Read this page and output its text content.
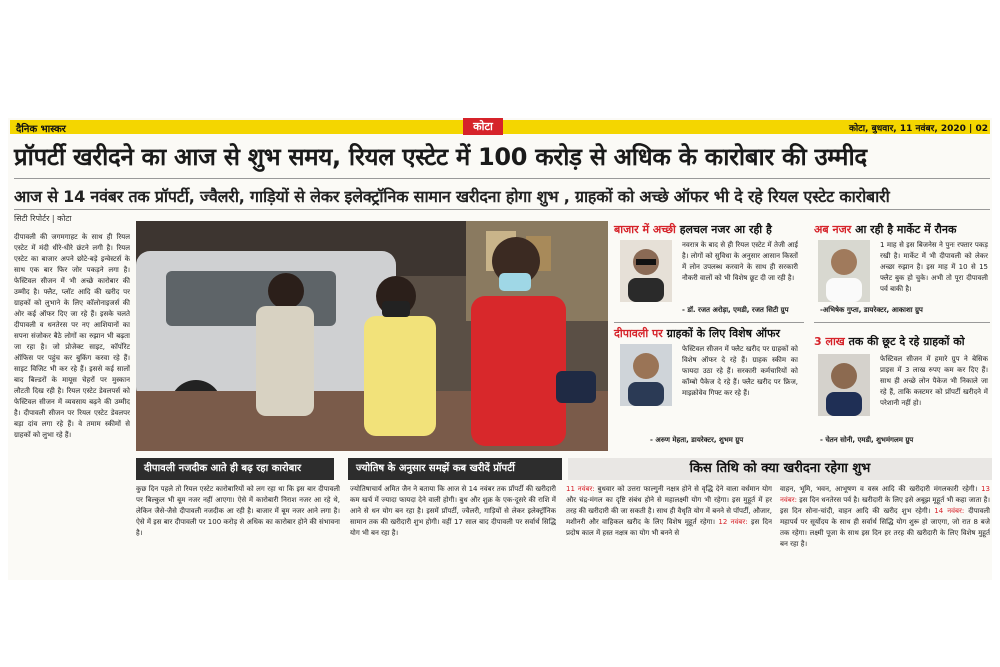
दैनिक भास्कर	कोटा	कोटा, बुधवार, 11 नवंबर, 2020 | 02
प्रॉपर्टी खरीदने का आज से शुभ समय, रियल एस्टेट में 100 करोड़ से अधिक के कारोबार की उम्मीद
आज से 14 नवंबर तक प्रॉपर्टी, ज्वैलरी, गाड़ियों से लेकर इलेक्ट्रॉनिक सामान खरीदना होगा शुभ , ग्राहकों को अच्छे ऑफर भी दे रहे रियल एस्टेट कारोबारी
सिटी रिपोर्टर | कोटा
दीपावली की जगमगाहट के साथ ही रियल एस्टेट में मंदी धीरे-धीरे छंटने लगी है। रियल एस्टेट का बाजार अपने छोटे-बड़े इन्वेस्टर्स के साथ एक बार फिर जोर पकड़ने लगा है। फेस्टिवल सीजन में भी अच्छे कारोबार की उम्मीद है। फ्लैट, प्लॉट आदि की खरीद पर ग्राहकों को लुभाने के लिए कॉलोनाइजर्स की ओर कई ऑफर दिए जा रहे हैं। इसके चलते दीपावली व धनतेरस पर नए आशियानों का सपना संजोकर बैठे लोगों का रुझान भी बढ़ता जा रहा है। जो प्रोजेक्ट साइट, कॉर्पोरेट ऑफिस पर पहुंच कर बुकिंग करवा रहे हैं। साइट विजिट भी कर रहे हैं। इससे कई सालों बाद बिल्डरों के मायूस चेहरों पर मुस्कान लौटती दिख रही है। रियल एस्टेट डेवलपर्स को फेस्टिवल सीजन में व्यवसाय बढ़ने की उम्मीद है। दीपावली सीजन पर रियल एस्टेट डेवलपर बड़ा दांव लगा रहे हैं। वे तमाम स्कीमों से ग्राहकों को लुभा रहे हैं।
बाजार में अच्छी हलचल नजर आ रही है
नवरात्र के बाद से ही रियल एस्टेट में तेजी आई है। लोगों को सुविधा के अनुसार आसान किस्तों में लोन उपलब्ध करवाने के साथ ही सरकारी नौकरी वालों को भी विशेष छूट दी जा रही है।
- डॉ. रजत अरोड़ा, एमडी, रजत सिटी ग्रुप
दीपावली पर ग्राहकों के लिए विशेष ऑफर
फेस्टिवल सीजन में फ्लैट खरीद पर ग्राहकों को विशेष ऑफर दे रहे हैं। ग्राहक स्कीम का फायदा उठा रहे हैं। सरकारी कर्मचारियों को कॉम्बो पैकेज दे रहे हैं। फ्लैट खरीद पर फ्रिज, माइक्रोवेव गिफ्ट कर रहे हैं।
- अरुण मेहता, डायरेक्टर, शुभम ग्रुप
अब नजर आ रही है मार्केट में रौनक
1 माह से इस बिजनेस ने पुनः रफ्तार पकड़ रखी है। मार्केट में भी दीपावली को लेकर अच्छा रुझान है। इस माह में 10 से 15 फ्लैट बुक हो चुके। अभी तो पूरा दीपावली पर्व बाकी है।
-अभिषेक गुप्ता, डायरेक्टर, आकाशा ग्रुप
3 लाख तक की छूट दे रहे ग्राहकों को
फेस्टिवल सीजन में हमारे ग्रुप ने बेसिक प्राइस में 3 लाख रुपए कम कर दिए हैं। साथ ही अच्छे लोन पैकेज भी निकाले जा रहे हैं, ताकि कस्टमर को प्रॉपर्टी खरीदने में परेशानी नहीं हो।
- चेतन सोनी, एमडी, शुभमंगलम ग्रुप
दीपावली नजदीक आते ही बढ़ रहा कारोबार
कुछ दिन पहले तो रियल एस्टेट कारोबारियों को लग रहा था कि इस बार दीपावली पर बिल्कुल भी बूम नजर नहीं आएगा। ऐसे में कारोबारी निराश नजर आ रहे थे, लेकिन जैसे-जैसे दीपावली नजदीक आ रही है। बाजार में बूम नजर आने लगा है। ऐसे में इस बार दीपावली पर 100 करोड़ से अधिक का कारोबार होने की संभावना है।
ज्योतिष के अनुसार समझें कब खरीदें प्रॉपर्टी
ज्योतिषाचार्य अमित जैन ने बताया कि आज से 14 नवंबर तक प्रॉपर्टी की खरीदारी कम खर्च में ज्यादा फायदा देने वाली होगी। बुध और शुक्र के एक-दूसरे की राशि में आने से धन योग बन रहा है। इसमें प्रॉपर्टी, ज्वैलरी, गाड़ियों से लेकर इलेक्ट्रॉनिक सामान तक की खरीदारी शुभ होगी। वहीं 17 साल बाद दीपावली पर सर्वार्थ सिद्धि योग भी बन रहा है।
किस तिथि को क्या खरीदना रहेगा शुभ
11 नवंबर: बुधवार को उत्तरा फाल्गुनी नक्षत्र होने से वृद्धि देने वाला वर्धमान योग और चंद्र-मंगल का दृष्टि संबंध होने से महालक्ष्मी योग भी रहेगा। इस मुहूर्त में हर तरह की खरीदारी की जा सकती है। साथ ही वैधृति योग में बनने से पॉपर्टी, औजार, मशीनरी और वाहिकल खरीद के लिए विशेष मूहूर्त रहेगा। 12 नवंबर: इस दिन प्रदोष काल में हस्त नक्षत्र का योग भी बनने से
वाहन, भूमि, भवन, आभूषण व वस्त्र आदि की खरीदारी मंगलकारी रहेगी। 13 नवंबर: इस दिन धनतेरस पर्व है। खरीदारी के लिए इसे अबूझ मूहूर्त भी कहा जाता है। इस दिन सोना-चांदी, वाहन आदि की खरीद शुभ रहेगी। 14 नवंबर: दीपावली महापर्व पर सूर्योदय के साथ ही सर्वार्थ सिद्धि योग शुरू हो जाएगा, जो रात 8 बजे तक रहेगा। लक्ष्मी पूजा के साथ इस दिन हर तरह की खरीदारी के लिए विशेष मुहूर्त बन रहा है।
